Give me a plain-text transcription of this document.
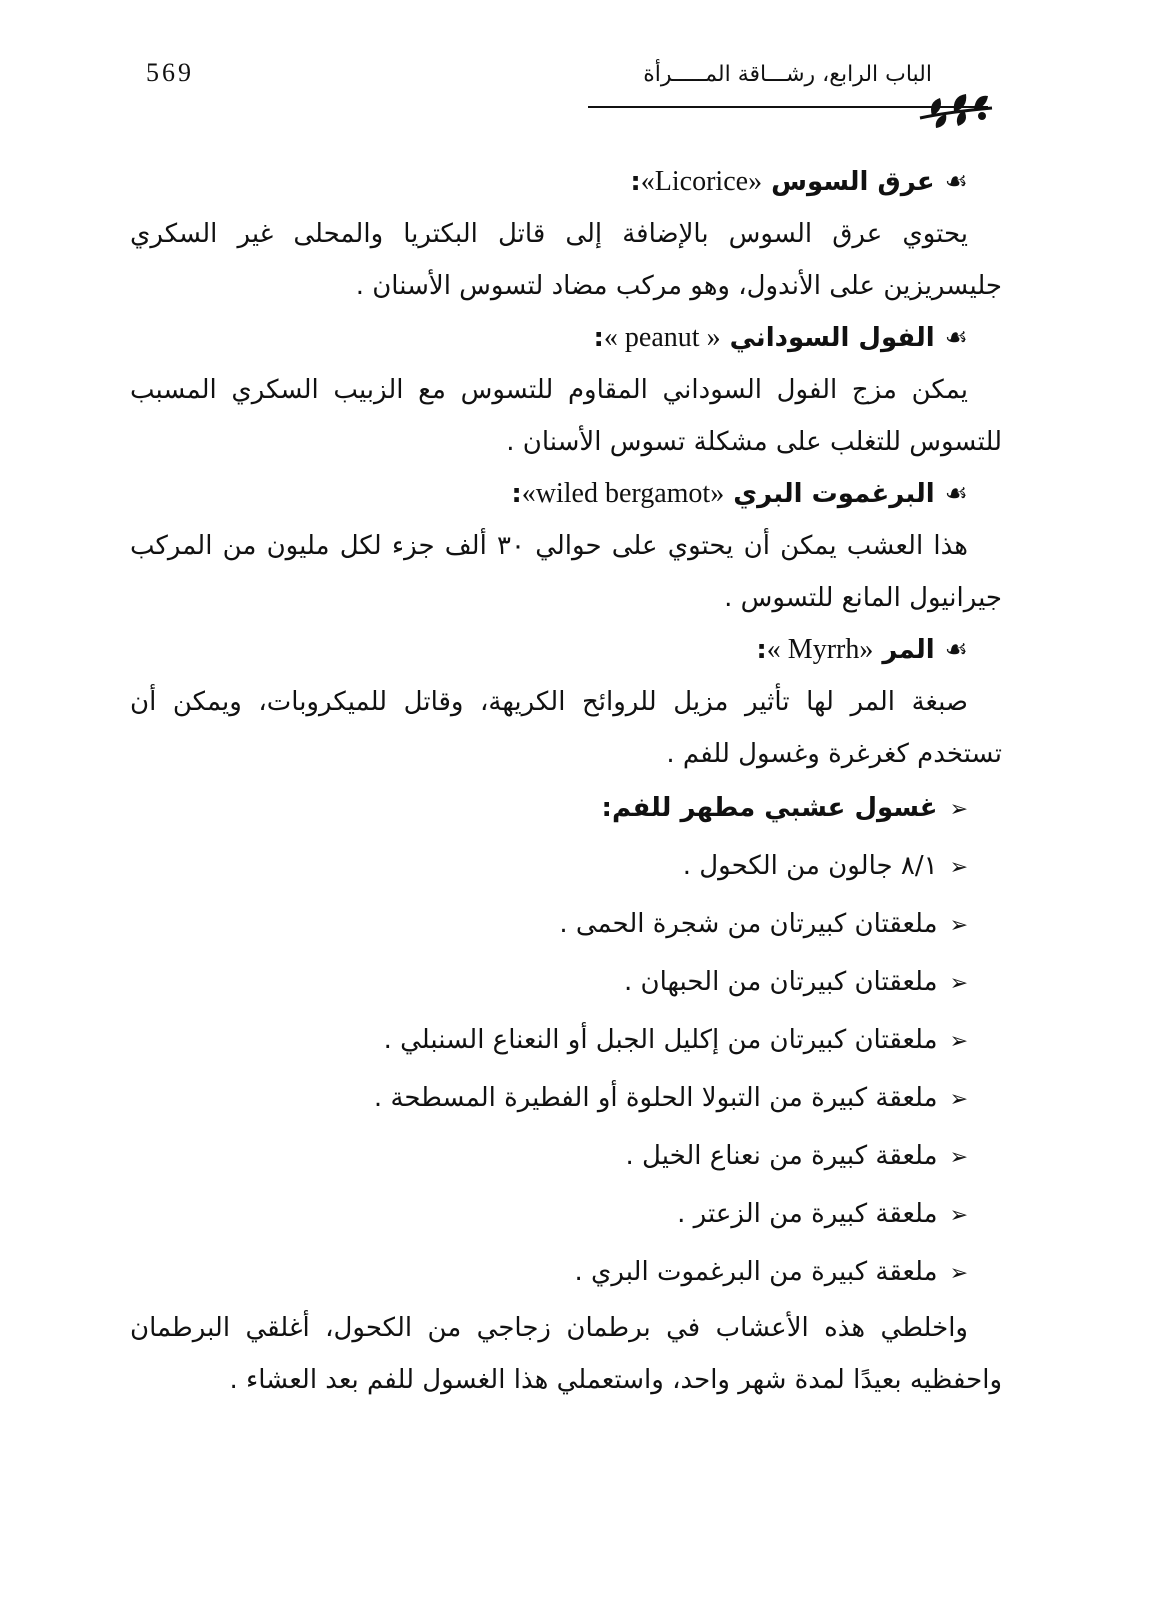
569	الباب الرابع، رشـــاقة المـــــرأة
☙عرق السوس «Licorice»:
يحتوي عرق السوس بالإضافة إلى قاتل البكتريا والمحلى غير السكري جليسريزين على الأندول، وهو مركب مضاد لتسوس الأسنان .
☙الفول السوداني « peanut »:
يمكن مزج الفول السوداني المقاوم للتسوس مع الزبيب السكري المسبب للتسوس للتغلب على مشكلة تسوس الأسنان .
☙البرغموت البري «wiled bergamot»:
هذا العشب يمكن أن يحتوي على حوالي ٣٠ ألف جزء لكل مليون من المركب جيرانيول المانع للتسوس .
☙المر «Myrrh »:
صبغة المر لها تأثير مزيل للروائح الكريهة، وقاتل للميكروبات، ويمكن أن تستخدم كغرغرة وغسول للفم .
➢غسول عشبي مطهر للفم:
➢٨/١ جالون من الكحول .
➢ملعقتان كبيرتان من شجرة الحمى .
➢ملعقتان كبيرتان من الحبهان .
➢ملعقتان كبيرتان من إكليل الجبل أو النعناع السنبلي .
➢ملعقة كبيرة من التبولا الحلوة أو الفطيرة المسطحة .
➢ملعقة كبيرة من نعناع الخيل .
➢ملعقة كبيرة من الزعتر .
➢ملعقة كبيرة من البرغموت البري .
واخلطي هذه الأعشاب في برطمان زجاجي من الكحول، أغلقي البرطمان واحفظيه بعيدًا لمدة شهر واحد، واستعملي هذا الغسول للفم بعد العشاء .
